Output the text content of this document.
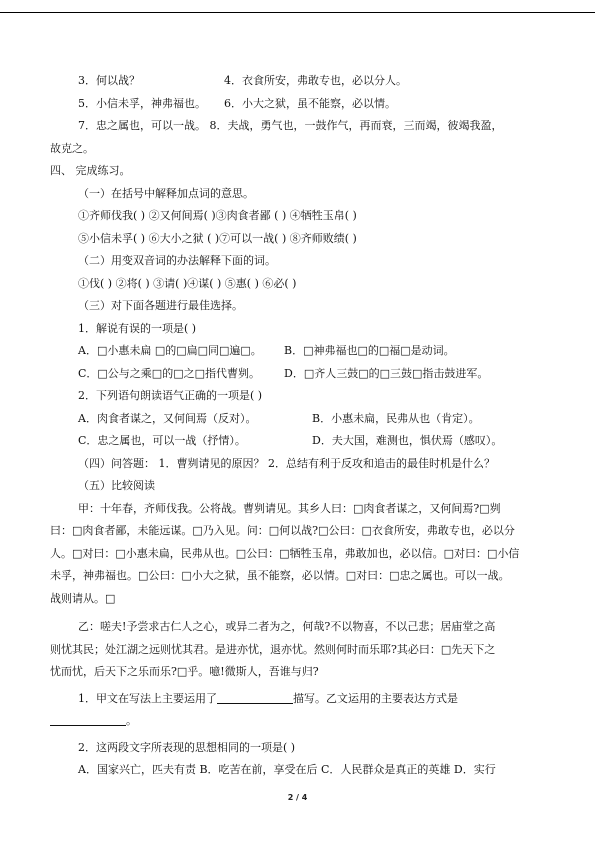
3．何以战？	4．衣食所安，弗敢专也，必以分人。
5．小信未孚，神弗福也。 6．小大之狱，虽不能察，必以情。
7．忠之属也，可以一战。 8．夫战，勇气也，一鼓作气，再而衰，三而竭，彼竭我盈，
故克之。
四、 完成练习。
（一）在括号中解释加点词的意思。
①齐师伐我( ) ②又何间焉( )③肉食者鄙 ( ) ④牺牲玉帛( )
⑤小信未孚( ) ⑥大小之狱 ( )⑦可以一战( ) ⑧齐师败绩( )
（二）用变双音词的办法解释下面的词。
①伐( ) ②将( ) ③请( )④谋( ) ⑤惠( ) ⑥必( )
（三）对下面各题进行最佳选择。
1．解说有误的一项是( )
A．□小惠未扁 □的□扁□同□遍□。 B．□神弗福也□的□福□是动词。
C．□公与之乘□的□之□指代曹刿。 D．□齐人三鼓□的□三鼓□指击鼓进军。
2．下列语句朗读语气正确的一项是( )
A．肉食者谋之，又何间焉（反对）。	B．小惠未扁，民弗从也（肯定）。
C．忠之属也，可以一战（抒情）。	D．夫大国，难测也，惧伏焉（感叹）。
（四）问答题： 1．曹刿请见的原因？ 2．总结有利于反攻和追击的最佳时机是什么？
（五）比较阅读
甲：十年春，齐师伐我。公将战。曹刿请见。其乡人曰：□肉食者谋之，又何间焉?□刿
曰：□肉食者鄙，未能远谋。□乃入见。问：□何以战?□公曰：□衣食所安，弗敢专也，必以分
人。□对曰：□小惠未扁，民弗从也。□公曰：□牺牲玉帛，弗敢加也，必以信。□对曰：□小信
未孚，神弗福也。□公曰：□小大之狱，虽不能察，必以情。□对曰：□忠之属也。可以一战。
战则请从。□
乙：嗟夫!予尝求古仁人之心，或异二者为之，何哉?不以物喜，不以己悲；居庙堂之高
则忧其民；处江湖之远则忧其君。是进亦忧，退亦忧。然则何时而乐耶?其必曰：□先天下之
忧而忧，后天下之乐而乐?□乎。噫!微斯人，吾谁与归?
1．甲文在写法上主要运用了	描写。乙文运用的主要表达方式是
。
2．这两段文字所表现的思想相同的一项是( )
A．国家兴亡，匹夫有责 B．吃苦在前，享受在后 C．人民群众是真正的英雄 D．实行
2 / 4
